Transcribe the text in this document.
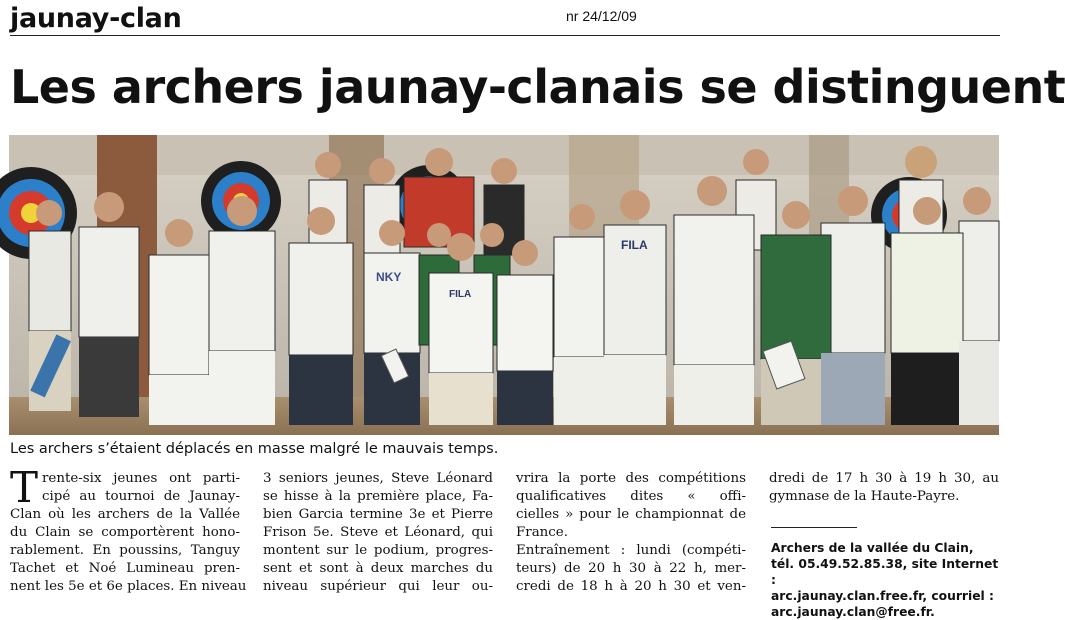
jaunay-clan	nr 24/12/09
Les archers jaunay-clanais se distinguent
FILA
NKY
FILA
Les archers s’étaient déplacés en masse malgré le mauvais temps.
T rente-six jeunes ont parti-
cipé au tournoi de Jaunay-
Clan où les archers de la Vallée
du Clain se comportèrent hono-
rablement. En poussins, Tanguy
Tachet et Noé Lumineau pren-
nent les 5e et 6e places. En niveau
3 seniors jeunes, Steve Léonard
se hisse à la première place, Fa-
bien Garcia termine 3e et Pierre
Frison 5e. Steve et Léonard, qui
montent sur le podium, progres-
sent et sont à deux marches du
niveau supérieur qui leur ou-
vrira la porte des compétitions
qualificatives dites « offi-
cielles » pour le championnat de
France.
Entraînement : lundi (compéti-
teurs) de 20 h 30 à 22 h, mer-
credi de 18 h à 20 h 30 et ven-
dredi de 17 h 30 à 19 h 30, au
gymnase de la Haute-Payre.
Archers de la vallée du Clain,
tél. 05.49.52.85.38, site Internet :
arc.jaunay.clan.free.fr, courriel :
arc.jaunay.clan@free.fr.
